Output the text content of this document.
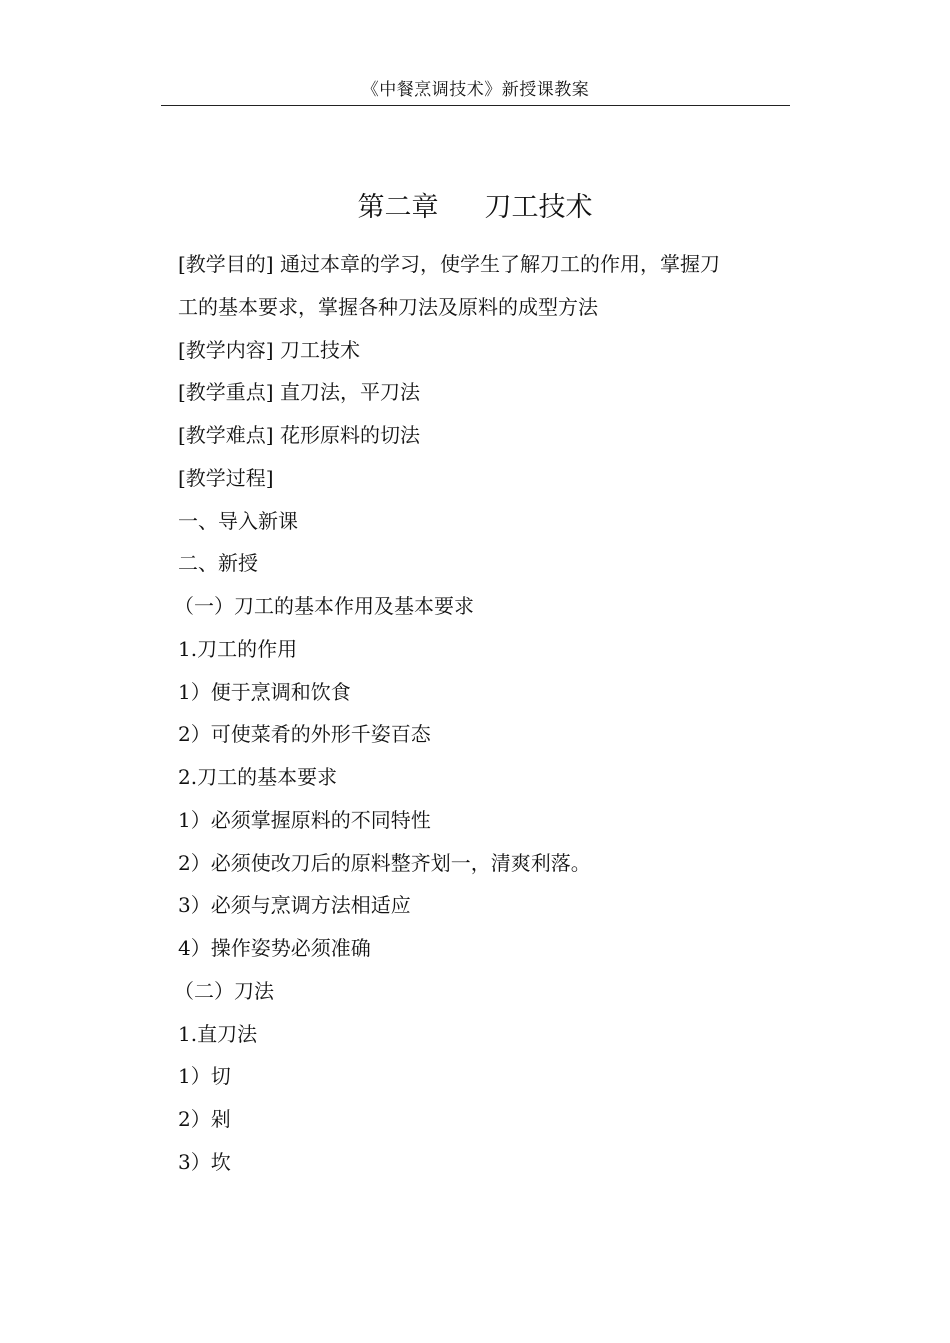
《中餐烹调技术》新授课教案
第二章 刀工技术
[教学目的] 通过本章的学习，使学生了解刀工的作用，掌握刀
工的基本要求，掌握各种刀法及原料的成型方法
[教学内容] 刀工技术
[教学重点] 直刀法，平刀法
[教学难点] 花形原料的切法
[教学过程]
一、导入新课
二、新授
（一）刀工的基本作用及基本要求
1.刀工的作用
1）便于烹调和饮食
2）可使菜肴的外形千姿百态
2.刀工的基本要求
1）必须掌握原料的不同特性
2）必须使改刀后的原料整齐划一，清爽利落。
3）必须与烹调方法相适应
4）操作姿势必须准确
（二）刀法
1.直刀法
1）切
2）剁
3）坎
